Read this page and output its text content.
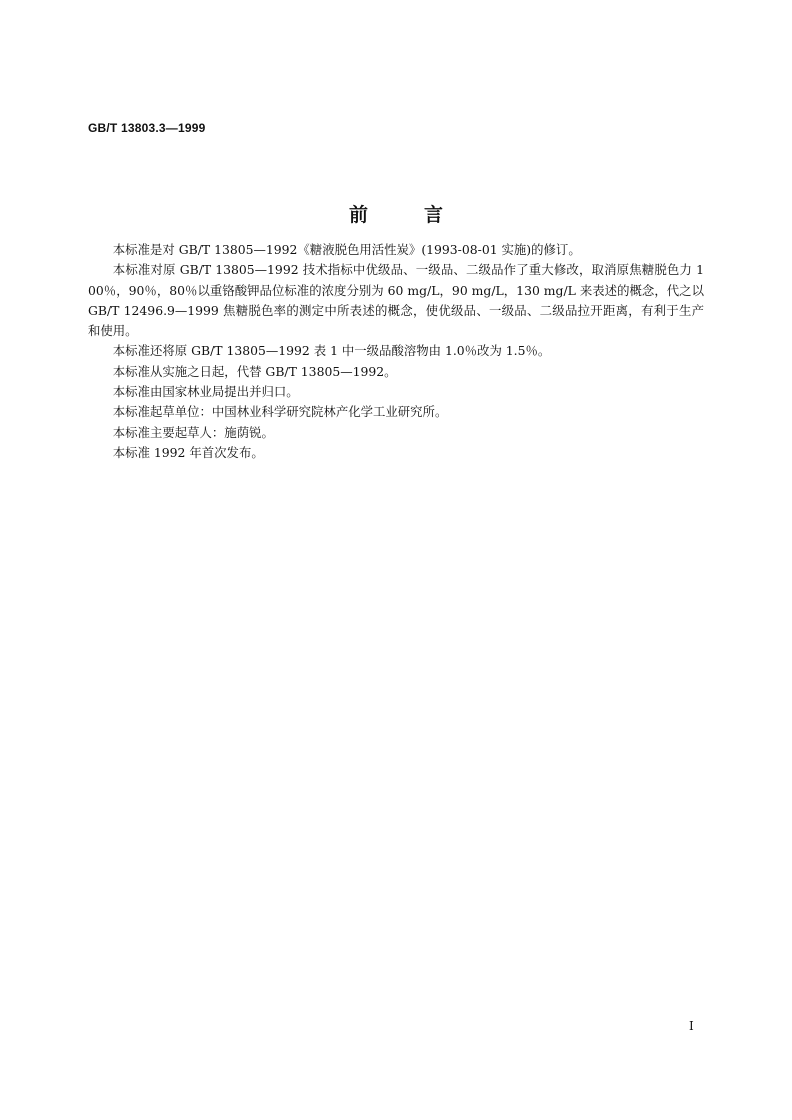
GB/T 13803.3—1999
前	言

本标准是对 GB/T 13805—1992《糖液脱色用活性炭》(1993-08-01 实施)的修订。

本标准对原 GB/T 13805—1992 技术指标中优级品、一级品、二级品作了重大修改，取消原焦糖脱色力 100％，90％，80％以重铬酸钾品位标准的浓度分别为 60 mg/L，90 mg/L，130 mg/L 来表述的概念，代之以 GB/T 12496.9—1999 焦糖脱色率的测定中所表述的概念，使优级品、一级品、二级品拉开距离，有利于生产和使用。

本标准还将原 GB/T 13805—1992 表 1 中一级品酸溶物由 1.0％改为 1.5％。

本标准从实施之日起，代替 GB/T 13805—1992。

本标准由国家林业局提出并归口。

本标准起草单位：中国林业科学研究院林产化学工业研究所。

本标准主要起草人：施荫锐。

本标准 1992 年首次发布。

I
